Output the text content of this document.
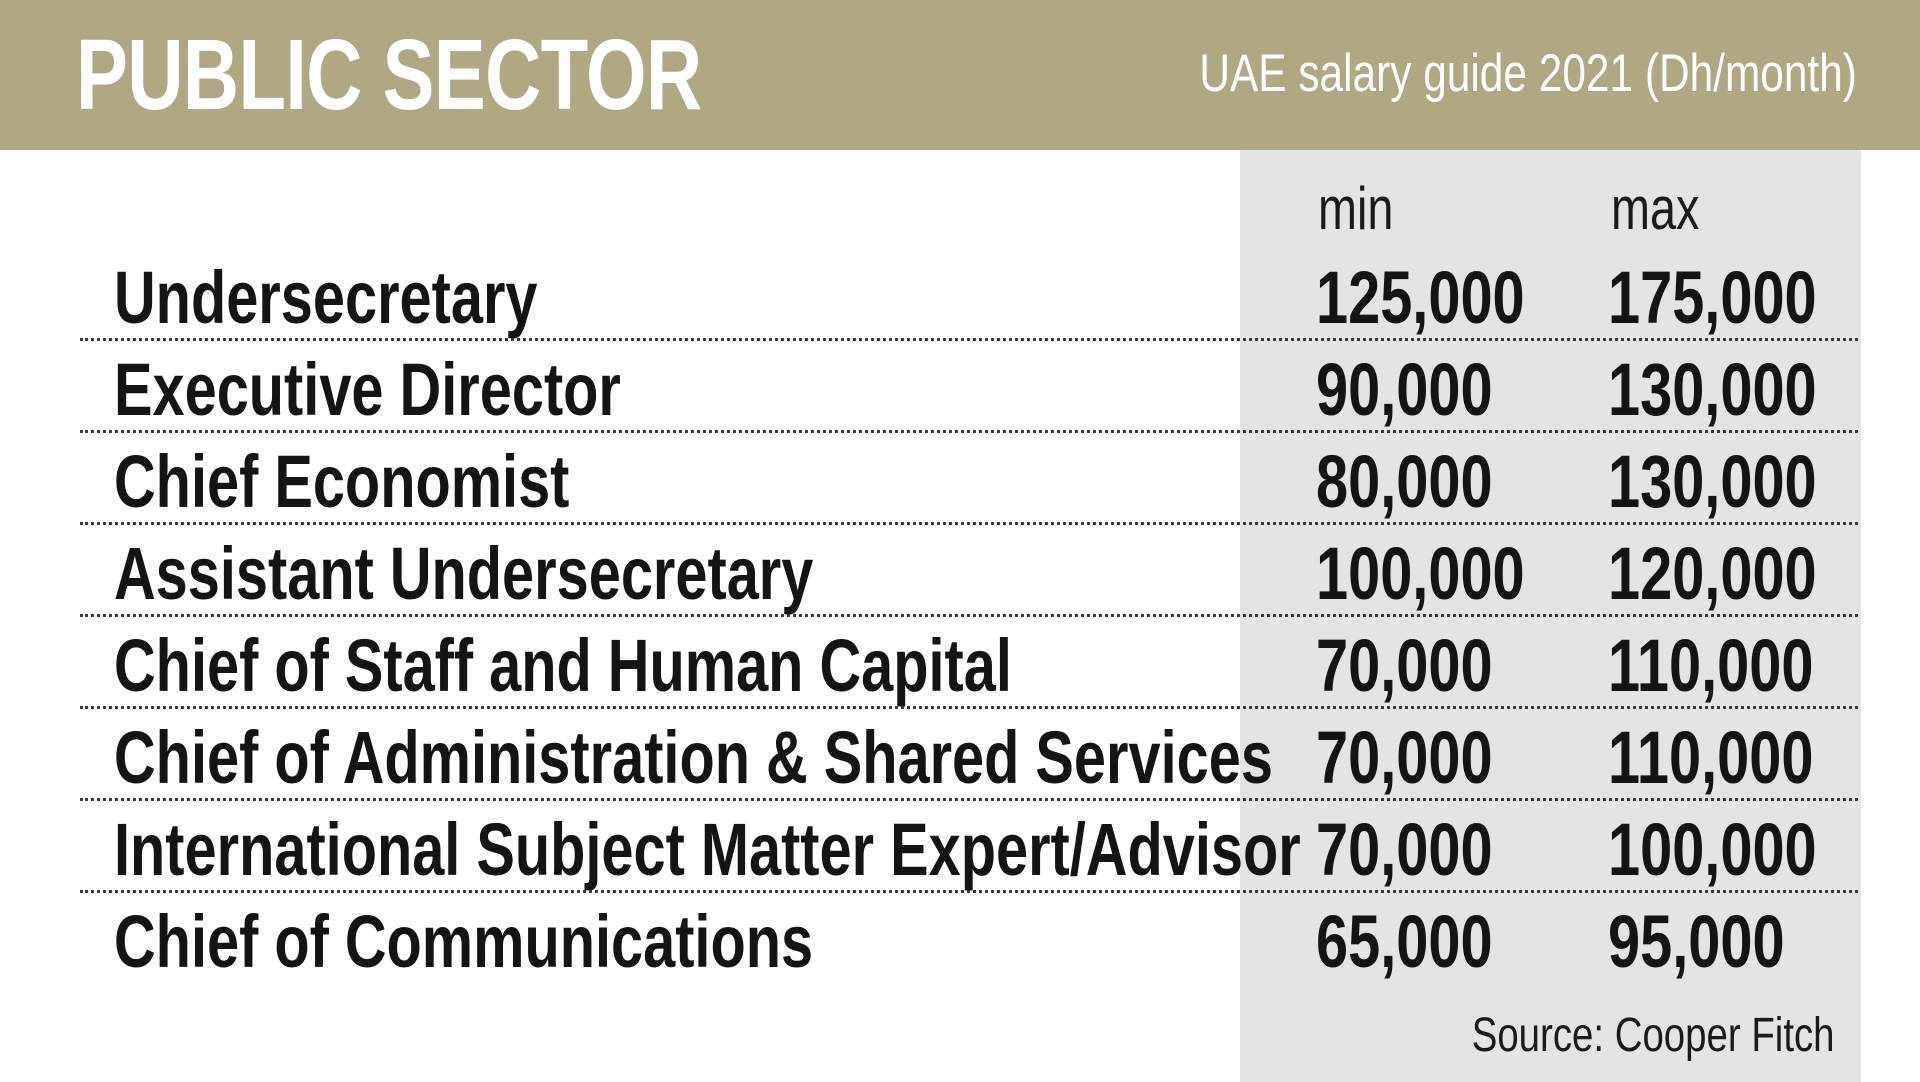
PUBLIC SECTOR	UAE salary guide 2021 (Dh/month)
min	max
Undersecretary	125,000 175,000
Executive Director	90,000 130,000
Chief Economist	80,000 130,000
Assistant Undersecretary	100,000 120,000
Chief of Staff and Human Capital	70,000 110,000
Chief of Administration & Shared Services 70,000 110,000
International Subject Matter Expert/Advisor 70,000 100,000
Chief of Communications	65,000 95,000
Source: Cooper Fitch
